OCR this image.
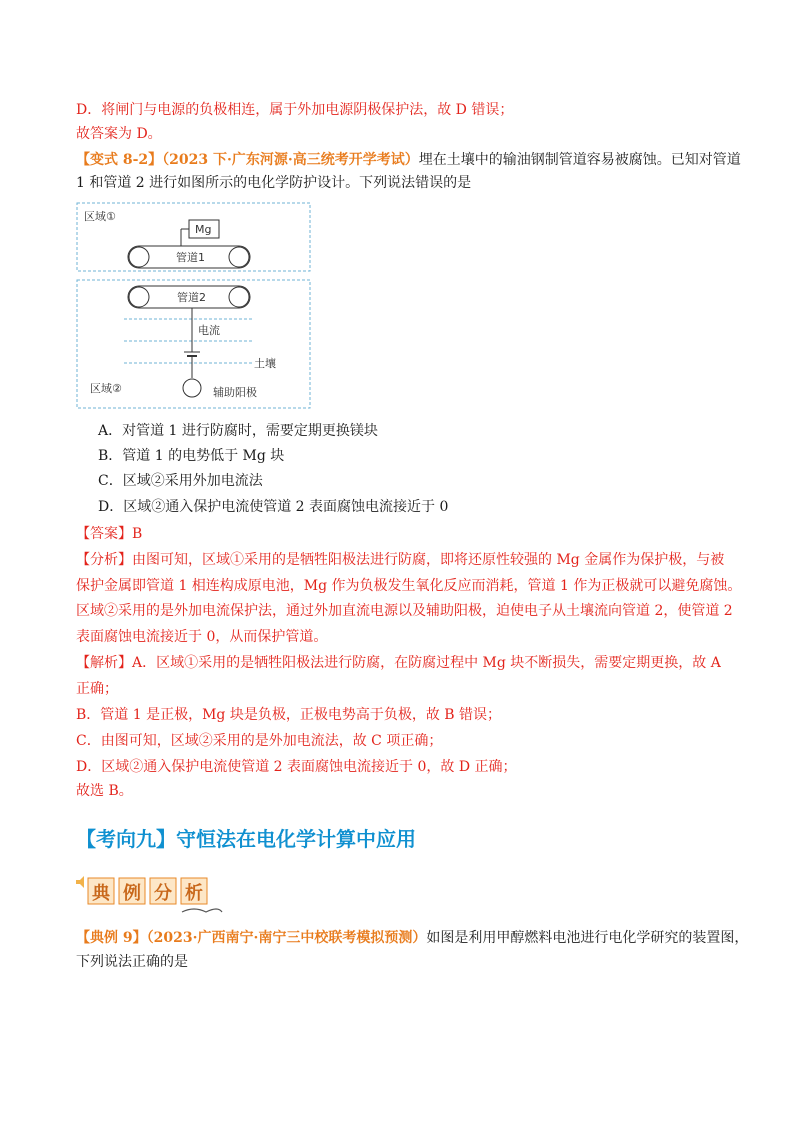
D．将闸门与电源的负极相连，属于外加电源阴极保护法，故 D 错误；
故答案为 D。
【变式 8-2】（2023 下·广东河源·高三统考开学考试）埋在土壤中的输油钢制管道容易被腐蚀。已知对管道
1 和管道 2 进行如图所示的电化学防护设计。下列说法错误的是
区域①
Mg
管道1
管道2
电流
土壤
区域②	辅助阳极
A．对管道 1 进行防腐时，需要定期更换镁块
B．管道 1 的电势低于 Mg 块
C．区域②采用外加电流法
D．区域②通入保护电流使管道 2 表面腐蚀电流接近于 0
【答案】B
【分析】由图可知，区域①采用的是牺牲阳极法进行防腐，即将还原性较强的 Mg 金属作为保护极，与被
保护金属即管道 1 相连构成原电池，Mg 作为负极发生氧化反应而消耗，管道 1 作为正极就可以避免腐蚀。
区域②采用的是外加电流保护法，通过外加直流电源以及辅助阳极，迫使电子从土壤流向管道 2，使管道 2
表面腐蚀电流接近于 0，从而保护管道。
【解析】A．区域①采用的是牺牲阳极法进行防腐，在防腐过程中 Mg 块不断损失，需要定期更换，故 A
正确；
B．管道 1 是正极，Mg 块是负极，正极电势高于负极，故 B 错误；
C．由图可知，区域②采用的是外加电流法，故 C 项正确；
D．区域②通入保护电流使管道 2 表面腐蚀电流接近于 0，故 D 正确；
故选 B。
【考向九】守恒法在电化学计算中应用
典 例 分 析
【典例 9】（2023·广西南宁·南宁三中校联考模拟预测）如图是利用甲醇燃料电池进行电化学研究的装置图，
下列说法正确的是
